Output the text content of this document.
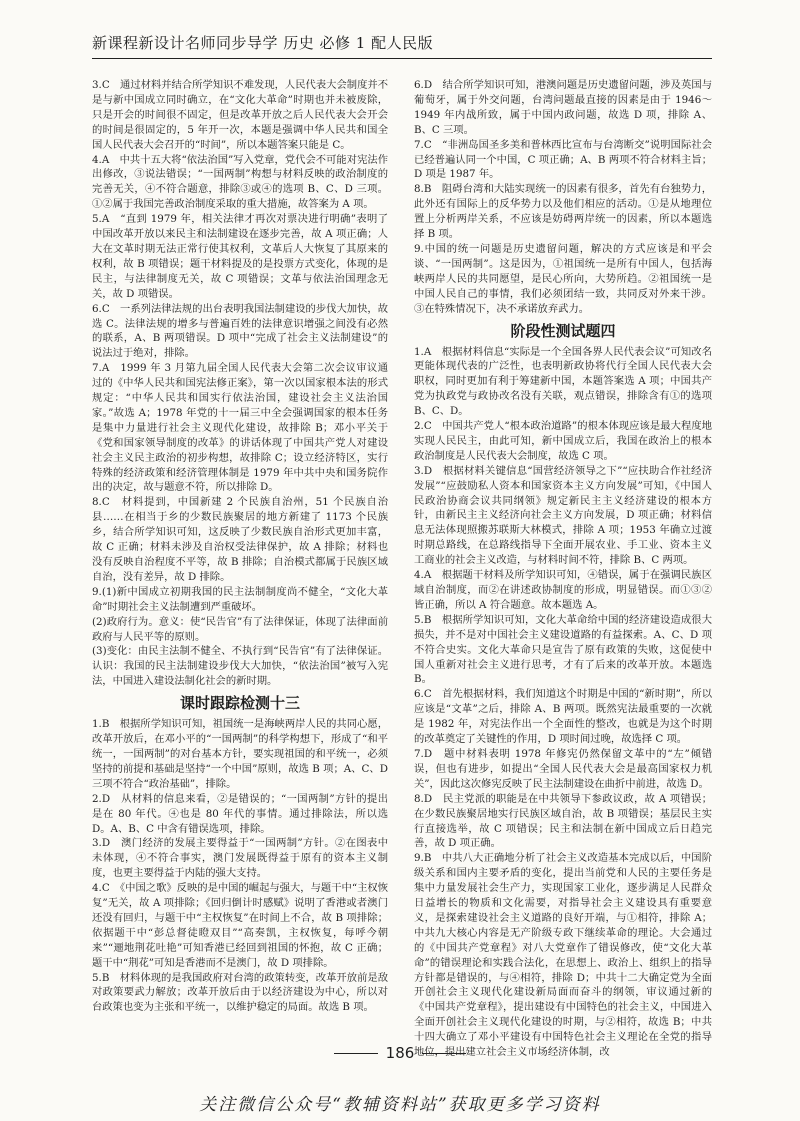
新课程新设计名师同步导学 历史 必修 1 配人民版

3.C　通过材料并结合所学知识不难发现，人民代表大会制度并不是与新中国成立同时确立，在“文化大革命”时期也并未被废除，只是开会的时间很不固定，但是改革开放之后人民代表大会开会的时间是很固定的，5 年开一次，本题是强调中华人民共和国全国人民代表大会召开的“时间”，所以本题答案只能是 C。

4.A　中共十五大将“依法治国”写入党章，党代会不可能对宪法作出修改，③说法错误；“一国两制”构想与材料反映的政治制度的完善无关，④不符合题意，排除③或④的选项 B、C、D 三项。①②属于我国完善政治制度采取的重大措施，故答案为 A 项。

5.A　“直到 1979 年，相关法律才再次对票决进行明确”表明了中国改革开放以来民主和法制建设在逐步完善，故 A 项正确；人大在文革时期无法正常行使其权利，文革后人大恢复了其原来的权利，故 B 项错误；题干材料提及的是投票方式变化，体现的是民主，与法律制度无关，故 C 项错误；文革与依法治国理念无关，故 D 项错误。

6.C　一系列法律法规的出台表明我国法制建设的步伐大加快，故选 C。法律法规的增多与普遍百姓的法律意识增强之间没有必然的联系，A、B 两项错误。D 项中“完成了社会主义法制建设”的说法过于绝对，排除。

7.A　1999 年 3 月第九届全国人民代表大会第二次会议审议通过的《中华人民共和国宪法修正案》，第一次以国家根本法的形式规定：“中华人民共和国实行依法治国，建设社会主义法治国家。”故选 A；1978 年党的十一届三中全会强调国家的根本任务是集中力量进行社会主义现代化建设，故排除 B；邓小平关于《党和国家领导制度的改革》的讲话体现了中国共产党人对建设社会主义民主政治的初步构想，故排除 C；设立经济特区，实行特殊的经济政策和经济管理体制是 1979 年中共中央和国务院作出的决定，故与题意不符，所以排除 D。

8.C　材料提到，中国新建 2 个民族自治州，51 个民族自治县……在相当于乡的少数民族聚居的地方新建了 1173 个民族乡，结合所学知识可知，这反映了少数民族自治形式更加丰富，故 C 正确；材料未涉及自治权受法律保护，故 A 排除；材料也没有反映自治程度不平等，故 B 排除；自治模式都属于民族区域自治，没有差异，故 D 排除。

9.(1)新中国成立初期我国的民主法制制度尚不健全，“文化大革命”时期社会主义法制遭到严重破坏。

(2)政府行为。意义：使“民告官”有了法律保证，体现了法律面前政府与人民平等的原则。

(3)变化：由民主法制不健全、不执行到“民告官”有了法律保证。认识：我国的民主法制建设步伐大大加快，“依法治国”被写入宪法，中国进入建设法制化社会的新时期。

课时跟踪检测十三

1.B　根据所学知识可知，祖国统一是海峡两岸人民的共同心愿，改革开放后，在邓小平的“一国两制”的科学构想下，形成了“和平统一，一国两制”的对台基本方针，要实现祖国的和平统一，必须坚持的前提和基础是坚持“一个中国”原则，故选 B 项；A、C、D 三项不符合“政治基础”，排除。

2.D　从材料的信息来看，②是错误的；“一国两制”方针的提出是在 80 年代。④也是 80 年代的事情。通过排除法，所以选 D。A、B、C 中含有错误选项，排除。

3.D　澳门经济的发展主要得益于“一国两制”方针。②在图表中未体现，④不符合事实，澳门发展既得益于原有的资本主义制度，也更主要得益于内陆的强大支持。

4.C　《中国之歌》反映的是中国的崛起与强大，与题干中“主权恢复”无关，故 A 项排除；《回归倒计时感赋》说明了香港或者澳门还没有回归，与题干中“主权恢复”在时间上不合，故 B 项排除；依据题干中“彭总督徒瞪双目”“高奏凯，主权恢复，每呼今朝来”“逦地荆花吐艳”可知香港已经回到祖国的怀抱，故 C 正确；题干中“荆花”可知是香港而不是澳门，故 D 项排除。

5.B　材料体现的是我国政府对台湾的政策转变，改革开放前是敌对政策要武力解放；改革开放后由于以经济建设为中心，所以对台政策也变为主张和平统一，以维护稳定的局面。故选 B 项。

6.D　结合所学知识可知，港澳问题是历史遗留问题，涉及英国与葡萄牙，属于外交问题，台湾问题最直接的因素是由于 1946～1949 年内战所致，属于中国内政问题，故选 D 项，排除 A、B、C 三项。

7.C　“非洲岛国圣多美和普林西比宣布与台湾断交”说明国际社会已经普遍认同一个中国，C 项正确；A、B 两项不符合材料主旨；D 项是 1987 年。

8.B　阻碍台湾和大陆实现统一的因素有很多，首先有台独势力，此外还有国际上的反华势力以及他们相应的活动。①是从地理位置上分析两岸关系，不应该是妨碍两岸统一的因素，所以本题选择 B 项。

9.中国的统一问题是历史遗留问题，解决的方式应该是和平会谈、“一国两制”。这是因为，①祖国统一是所有中国人，包括海峡两岸人民的共同愿望，是民心所向，大势所趋。②祖国统一是中国人民自己的事情，我们必须团结一致，共同反对外来干涉。③在特殊情况下，决不承诺放弃武力。

阶段性测试题四

1.A　根据材料信息“实际是一个全国各界人民代表会议”可知改名更能体现代表的广泛性，也表明新政协将代行全国人民代表大会职权，同时更加有利于筹建新中国，本题答案选 A 项；中国共产党为执政党与政协改名没有关联，观点错误，排除含有①的选项 B、C、D。

2.C　中国共产党人“根本政治道路”的根本体现应该是最大程度地实现人民民主，由此可知，新中国成立后，我国在政治上的根本政治制度是人民代表大会制度，故选 C 项。

3.D　根据材料关键信息“国营经济领导之下”“应扶助合作社经济发展”“应鼓励私人资本和国家资本主义方向发展”可知，《中国人民政治协商会议共同纲领》规定新民主主义经济建设的根本方针，由新民主主义经济向社会主义方向发展，D 项正确；材料信息无法体现照搬苏联斯大林模式，排除 A 项；1953 年确立过渡时期总路线，在总路线指导下全面开展农业、手工业、资本主义工商业的社会主义改造，与材料时间不符，排除 B、C 两项。

4.A　根据题干材料及所学知识可知，④错误，属于在强调民族区域自治制度，而②在讲述政协制度的形成，明显错误。而①③②皆正确，所以 A 符合题意。故本题选 A。

5.B　根据所学知识可知，文化大革命给中国的经济建设造成很大损失，并不是对中国社会主义建设道路的有益探索。A、C、D 项不符合史实。文化大革命只是宣告了原有政策的失败，这促使中国人重新对社会主义进行思考，才有了后来的改革开放。本题选 B。

6.C　首先根据材料，我们知道这个时期是中国的“新时期”，所以应该是“文革”之后，排除 A、B 两项。既然宪法最重要的一次就是 1982 年，对宪法作出一个全面性的整改，也就是为这个时期的改革奠定了关键性的作用，D 项时间过晚，故选择 C 项。

7.D　题中材料表明 1978 年修宪仍然保留文革中的“左”倾错误，但也有进步，如提出“全国人民代表大会是最高国家权力机关”，因此这次修宪反映了民主法制建设在曲折中前进，故选 D。

8.D　民主党派的职能是在中共领导下参政议政，故 A 项错误；在少数民族聚居地实行民族区域自治，故 B 项错误；基层民主实行直接选举，故 C 项错误；民主和法制在新中国成立后日趋完善，故 D 项正确。

9.B　中共八大正确地分析了社会主义改造基本完成以后，中国阶级关系和国内主要矛盾的变化，提出当前党和人民的主要任务是集中力量发展社会生产力，实现国家工业化，逐步满足人民群众日益增长的物质和文化需要，对指导社会主义建设具有重要意义，是探索建设社会主义道路的良好开端，与①相符，排除 A；中共九大核心内容是无产阶级专政下继续革命的理论。大会通过的《中国共产党章程》对八大党章作了错误修改，使“文化大革命”的错误理论和实践合法化，在思想上、政治上、组织上的指导方针都是错误的，与④相符，排除 D；中共十二大确定党为全面开创社会主义现代化建设新局面而奋斗的纲领，审议通过新的《中国共产党章程》，提出建设有中国特色的社会主义，中国进入全面开创社会主义现代化建设的时期，与②相符，故选 B；中共十四大确立了邓小平建设有中国特色社会主义理论在全党的指导地位，提出建立社会主义市场经济体制，改

186
关注微信公众号“教辅资料站”获取更多学习资料
